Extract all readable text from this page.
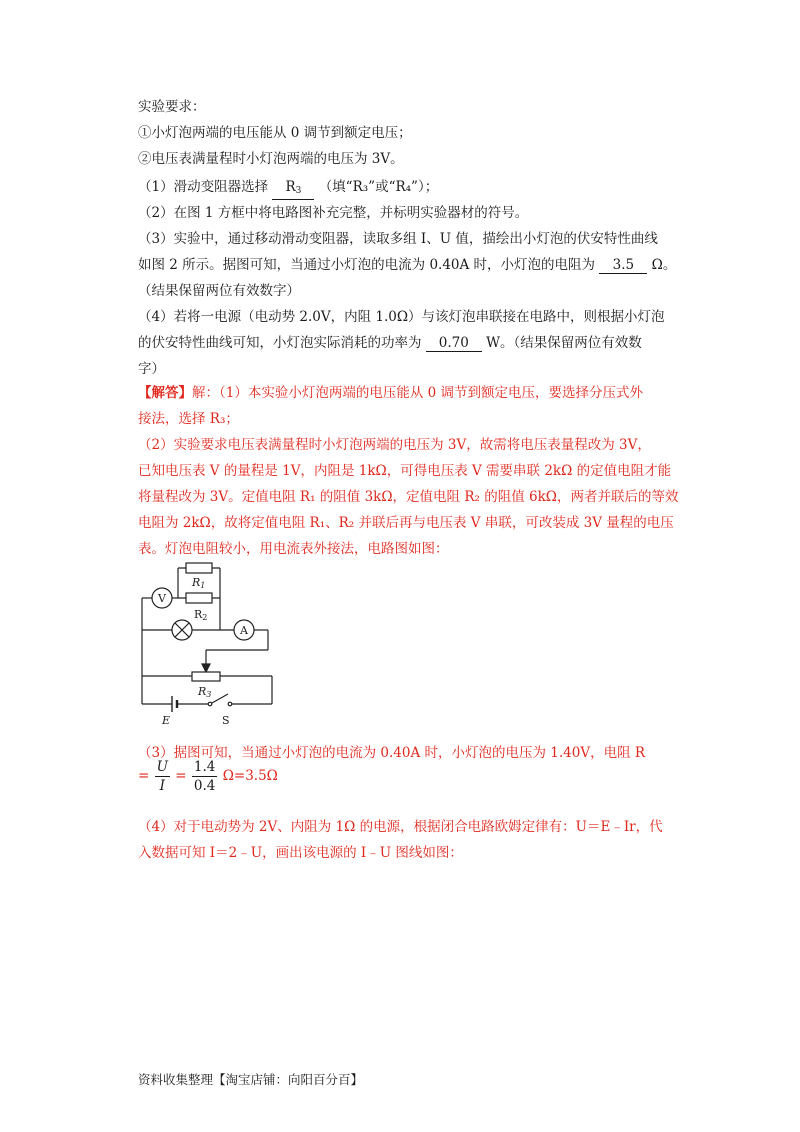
实验要求：
①小灯泡两端的电压能从 0 调节到额定电压；
②电压表满量程时小灯泡两端的电压为 3V。
（1）滑动变阻器选择 $R_3$ （填“R₃”或“R₄”）；
（2）在图 1 方框中将电路图补充完整，并标明实验器材的符号。
（3）实验中，通过移动滑动变阻器，读取多组 I、U 值，描绘出小灯泡的伏安特性曲线
如图 2 所示。据图可知，当通过小灯泡的电流为 0.40A 时，小灯泡的电阻为 3.5 Ω。
（结果保留两位有效数字）
（4）若将一电源（电动势 2.0V，内阻 1.0Ω）与该灯泡串联接在电路中，则根据小灯泡
的伏安特性曲线可知，小灯泡实际消耗的功率为 0.70 W。（结果保留两位有效数
字）
【解答】解：（1）本实验小灯泡两端的电压能从 0 调节到额定电压，要选择分压式外
接法，选择 R₃；
（2）实验要求电压表满量程时小灯泡两端的电压为 3V，故需将电压表量程改为 3V，
已知电压表 V 的量程是 1V，内阻是 1kΩ，可得电压表 V 需要串联 2kΩ 的定值电阻才能
将量程改为 3V。定值电阻 R₁ 的阻值 3kΩ，定值电阻 R₂ 的阻值 6kΩ，两者并联后的等效
电阻为 2kΩ，故将定值电阻 R₁、R₂ 并联后再与电压表 V 串联，可改装成 3V 量程的电压
表。灯泡电阻较小，用电流表外接法，电路图如图：
V
R1
R2
A
R3
E	S
（3）据图可知，当通过小灯泡的电流为 0.40A 时，小灯泡的电压为 1.40V，电阻 R
= $\frac{U}{I} = \frac{1.4}{0.4} \Omega=3.5\Omega$
（4）对于电动势为 2V、内阻为 1Ω 的电源，根据闭合电路欧姆定律有：U＝E﹣Ir，代
入数据可知 I＝2﹣U，画出该电源的 I﹣U 图线如图：
资料收集整理【淘宝店铺：向阳百分百】
